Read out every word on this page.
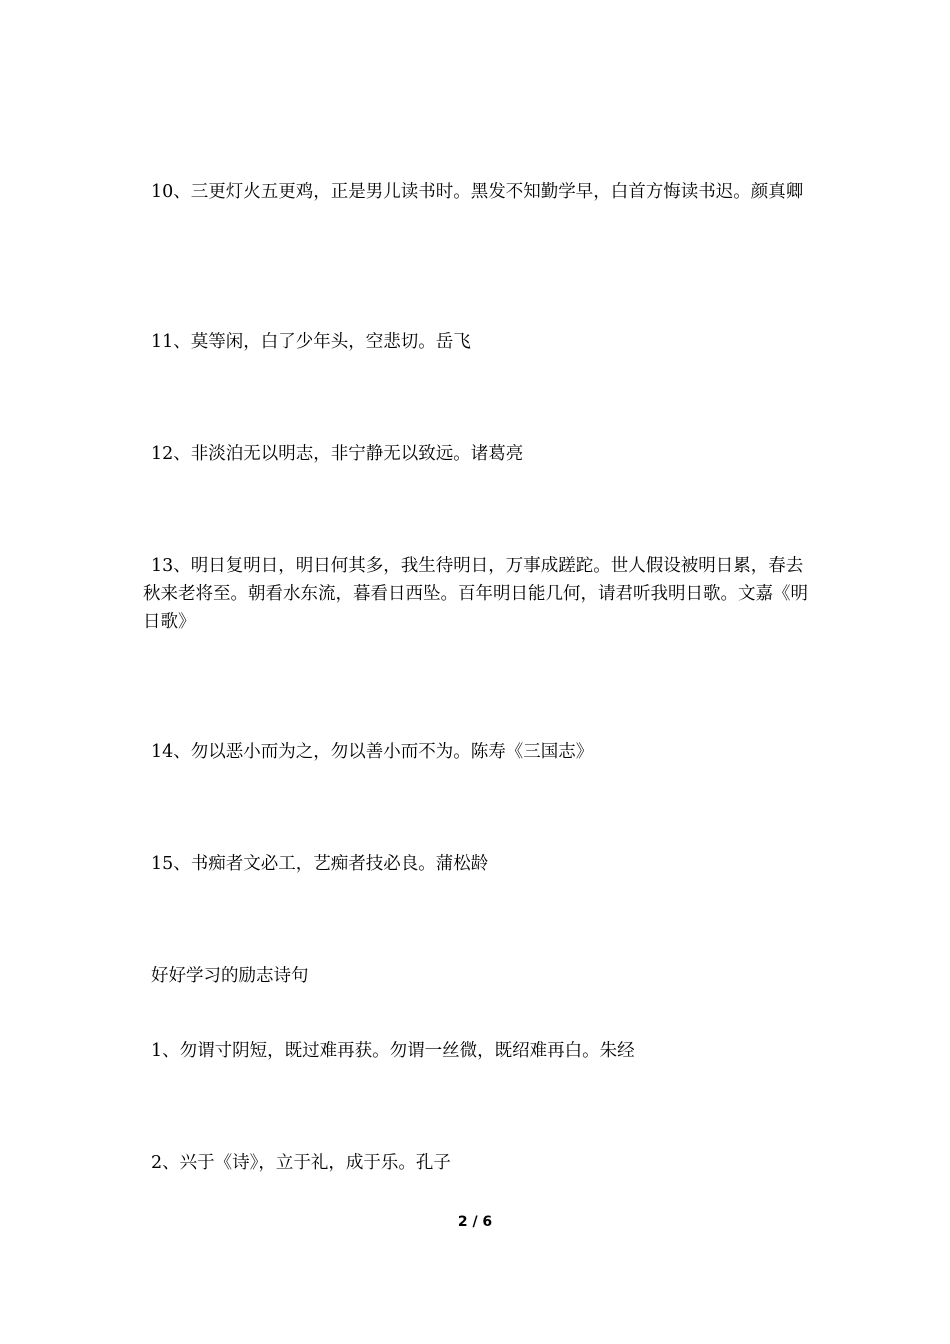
10、三更灯火五更鸡，正是男儿读书时。黑发不知勤学早，白首方悔读书迟。颜真卿

11、莫等闲，白了少年头，空悲切。岳飞

12、非淡泊无以明志，非宁静无以致远。诸葛亮

13、明日复明日，明日何其多，我生待明日，万事成蹉跎。世人假设被明日累，春去秋来老将至。朝看水东流，暮看日西坠。百年明日能几何，请君听我明日歌。文嘉《明日歌》

14、勿以恶小而为之，勿以善小而不为。陈寿《三国志》

15、书痴者文必工，艺痴者技必良。蒲松龄

好好学习的励志诗句

1、勿谓寸阴短，既过难再获。勿谓一丝微，既绍难再白。朱经

2、兴于《诗》，立于礼，成于乐。孔子

2 / 6
